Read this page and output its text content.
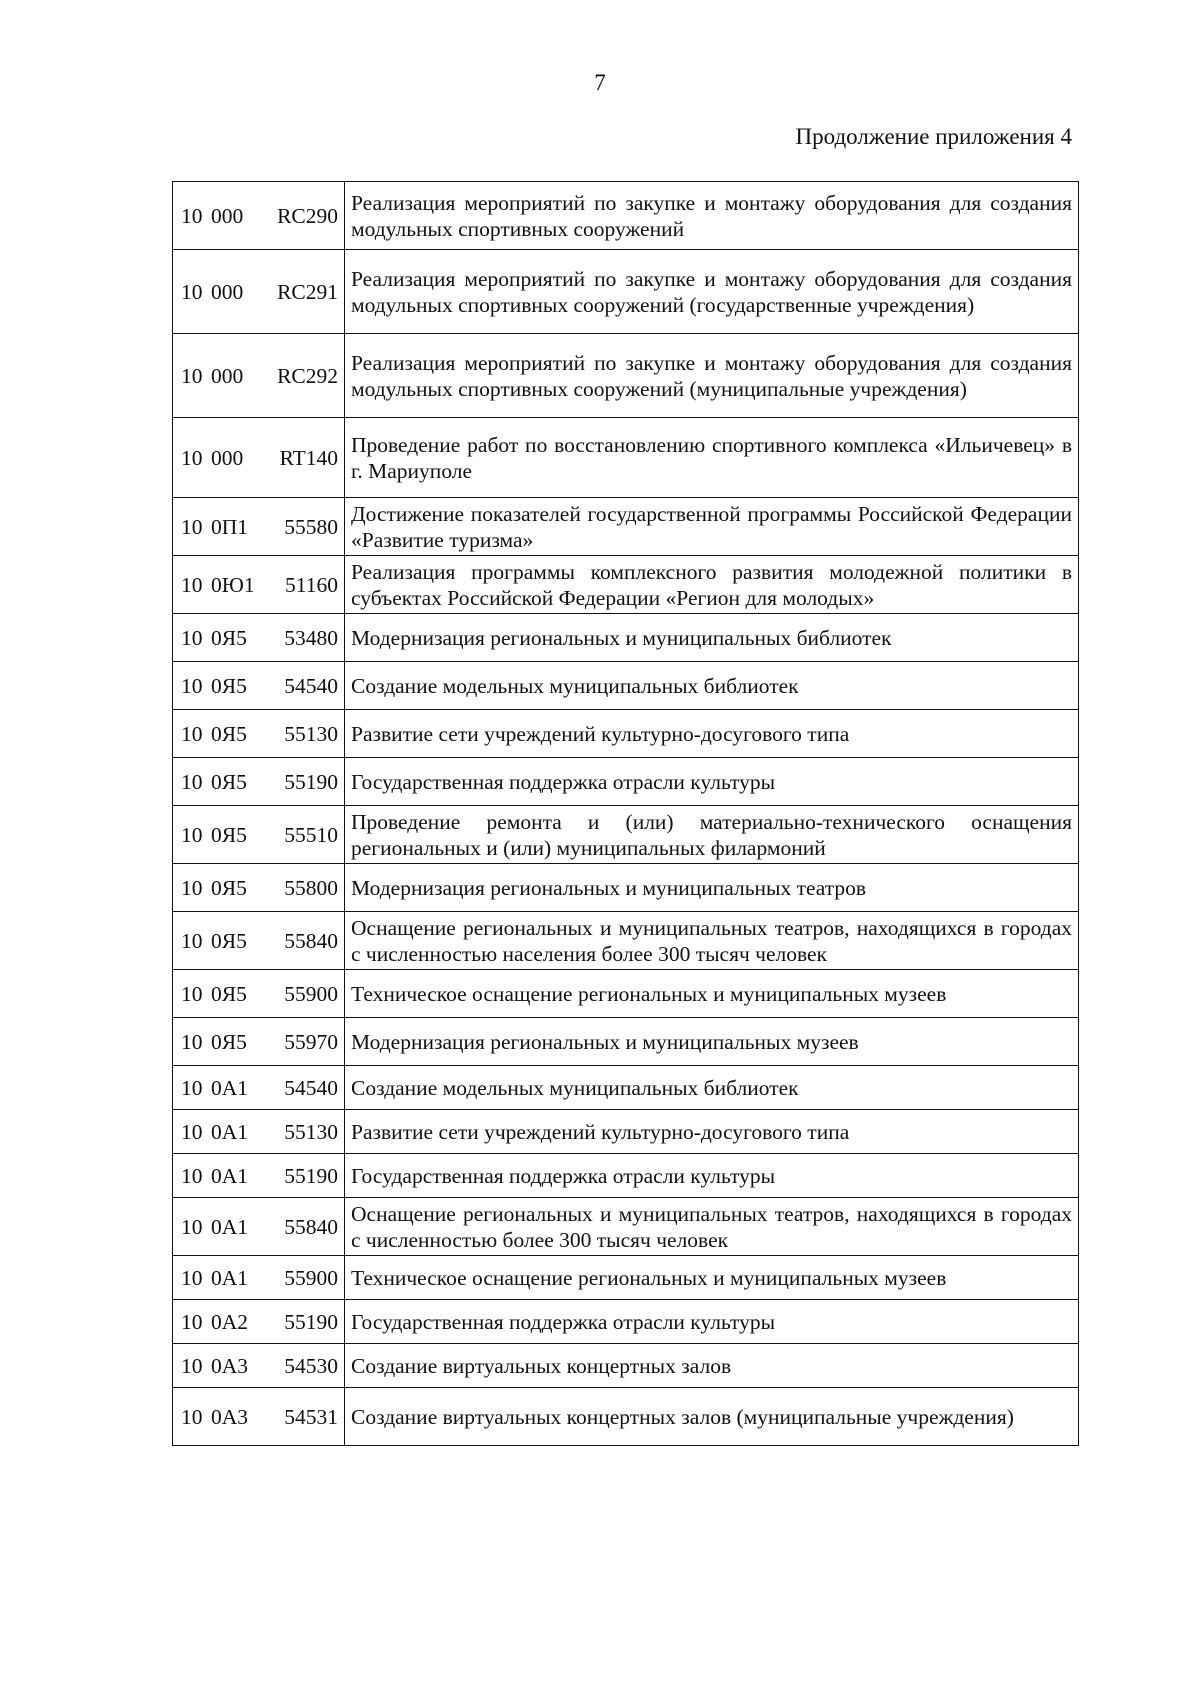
7
Продолжение приложения 4
10 000 RC290	Реализация мероприятий по закупке и монтажу оборудования для создания модульных спортивных сооружений

10 000 RC291	Реализация мероприятий по закупке и монтажу оборудования для создания модульных спортивных сооружений (государственные учреждения)

10 000 RC292	Реализация мероприятий по закупке и монтажу оборудования для создания модульных спортивных сооружений (муниципальные учреждения)

10 000 RT140	Проведение работ по восстановлению спортивного комплекса «Ильичевец» в г. Мариуполе

10 0П1 55580	Достижение показателей государственной программы Российской Федерации «Развитие туризма»

10 0Ю1 51160	Реализация программы комплексного развития молодежной политики в субъектах Российской Федерации «Регион для молодых»

10 0Я5 53480	Модернизация региональных и муниципальных библиотек

10 0Я5 54540	Создание модельных муниципальных библиотек

10 0Я5 55130	Развитие сети учреждений культурно-досугового типа

10 0Я5 55190	Государственная поддержка отрасли культуры

10 0Я5 55510	Проведение ремонта и (или) материально-технического оснащения региональных и (или) муниципальных филармоний

10 0Я5 55800	Модернизация региональных и муниципальных театров

10 0Я5 55840	Оснащение региональных и муниципальных театров, находящихся в городах с численностью населения более 300 тысяч человек

10 0Я5 55900	Техническое оснащение региональных и муниципальных музеев

10 0Я5 55970	Модернизация региональных и муниципальных музеев

10 0A1 54540	Создание модельных муниципальных библиотек

10 0A1 55130	Развитие сети учреждений культурно-досугового типа

10 0A1 55190	Государственная поддержка отрасли культуры

10 0A1 55840	Оснащение региональных и муниципальных театров, находящихся в городах с численностью более 300 тысяч человек

10 0A1 55900	Техническое оснащение региональных и муниципальных музеев

10 0A2 55190	Государственная поддержка отрасли культуры

10 0A3 54530	Создание виртуальных концертных залов

10 0A3 54531	Создание виртуальных концертных залов (муниципальные учреждения)
